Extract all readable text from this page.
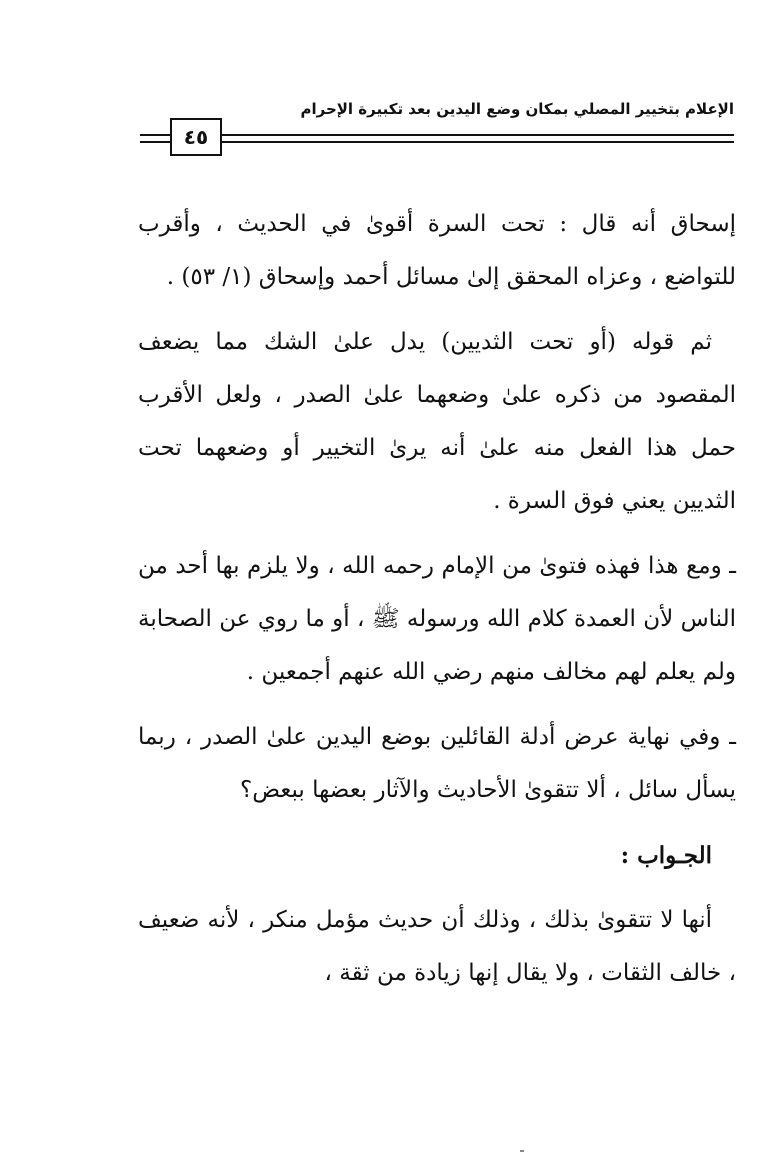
الإعلام بتخيير المصلي بمكان وضع اليدين بعد تكبيرة الإحرام
٤٥

إسحاق أنه قال : تحت السرة أقوىٰ في الحديث ، وأقرب للتواضع ، وعزاه المحقق إلىٰ مسائل أحمد وإسحاق (١/ ٥٣) .

ثم قوله (أو تحت الثديين) يدل علىٰ الشك مما يضعف المقصود من ذكره علىٰ وضعهما علىٰ الصدر ، ولعل الأقرب حمل هذا الفعل منه علىٰ أنه يرىٰ التخيير أو وضعهما تحت الثديين يعني فوق السرة .

ـ ومع هذا فهذه فتوىٰ من الإمام رحمه الله ، ولا يلزم بها أحد من الناس لأن العمدة كلام الله ورسوله ﷺ ، أو ما روي عن الصحابة ولم يعلم لهم مخالف منهم رضي الله عنهم أجمعين .

ـ وفي نهاية عرض أدلة القائلين بوضع اليدين علىٰ الصدر ، ربما يسأل سائل ، ألا تتقوىٰ الأحاديث والآثار بعضها ببعض؟

الجـواب :

أنها لا تتقوىٰ بذلك ، وذلك أن حديث مؤمل منكر ، لأنه ضعيف ، خالف الثقات ، ولا يقال إنها زيادة من ثقة ،
